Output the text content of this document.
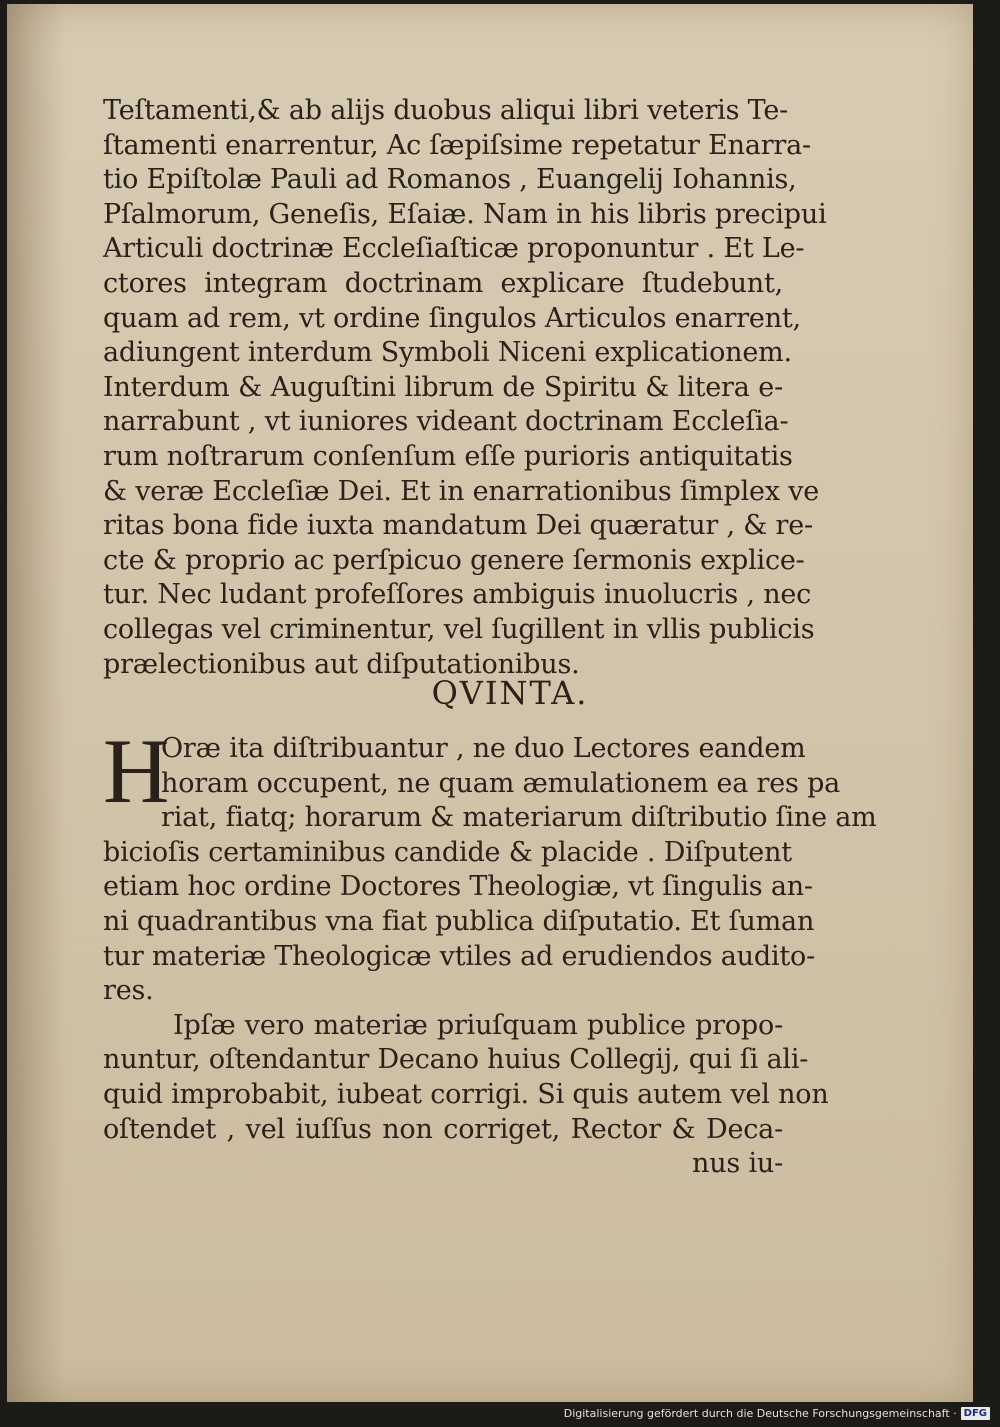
Teſtamenti,& ab alijs duobus aliqui libri veteris Te-
ſtamenti enarrentur, Ac ſæpiſsime repetatur Enarra-
tio Epiſtolæ Pauli ad Romanos , Euangelij Iohannis,
Pſalmorum, Geneſis, Eſaiæ. Nam in his libris precipui
Articuli doctrinæ Eccleſiaſticæ proponuntur . Et Le-
ctores integram doctrinam explicare ſtudebunt,
quam ad rem, vt ordine ſingulos Articulos enarrent,
adiungent interdum Symboli Niceni explicationem.
Interdum & Auguſtini librum de Spiritu & litera e-
narrabunt , vt iuniores videant doctrinam Eccleſia-
rum noſtrarum conſenſum eſſe purioris antiquitatis
& veræ Eccleſiæ Dei. Et in enarrationibus ſimplex ve
ritas bona fide iuxta mandatum Dei quæratur , & re-
cte & proprio ac perſpicuo genere ſermonis explice-
tur. Nec ludant profeſſores ambiguis inuolucris , nec
collegas vel criminentur, vel ſugillent in vllis publicis
prælectionibus aut diſputationibus.
QVINTA.
H
Oræ ita diſtribuantur , ne duo Lectores eandem
horam occupent, ne quam æmulationem ea res pa
riat, fiatq; horarum & materiarum diſtributio ſine am
bicioſis certaminibus candide & placide . Diſputent
etiam hoc ordine Doctores Theologiæ, vt ſingulis an-
ni quadrantibus vna fiat publica diſputatio. Et ſuman
tur materiæ Theologicæ vtiles ad erudiendos audito-
res.
Ipſæ vero materiæ priuſquam publice propo-
nuntur, oſtendantur Decano huius Collegij, qui ſi ali-
quid improbabit, iubeat corrigi. Si quis autem vel non
oſtendet , vel iuſſus non corriget, Rector & Deca-
nus iu-
Digitalisierung gefördert durch die Deutsche Forschungsgemeinschaft · DFG
